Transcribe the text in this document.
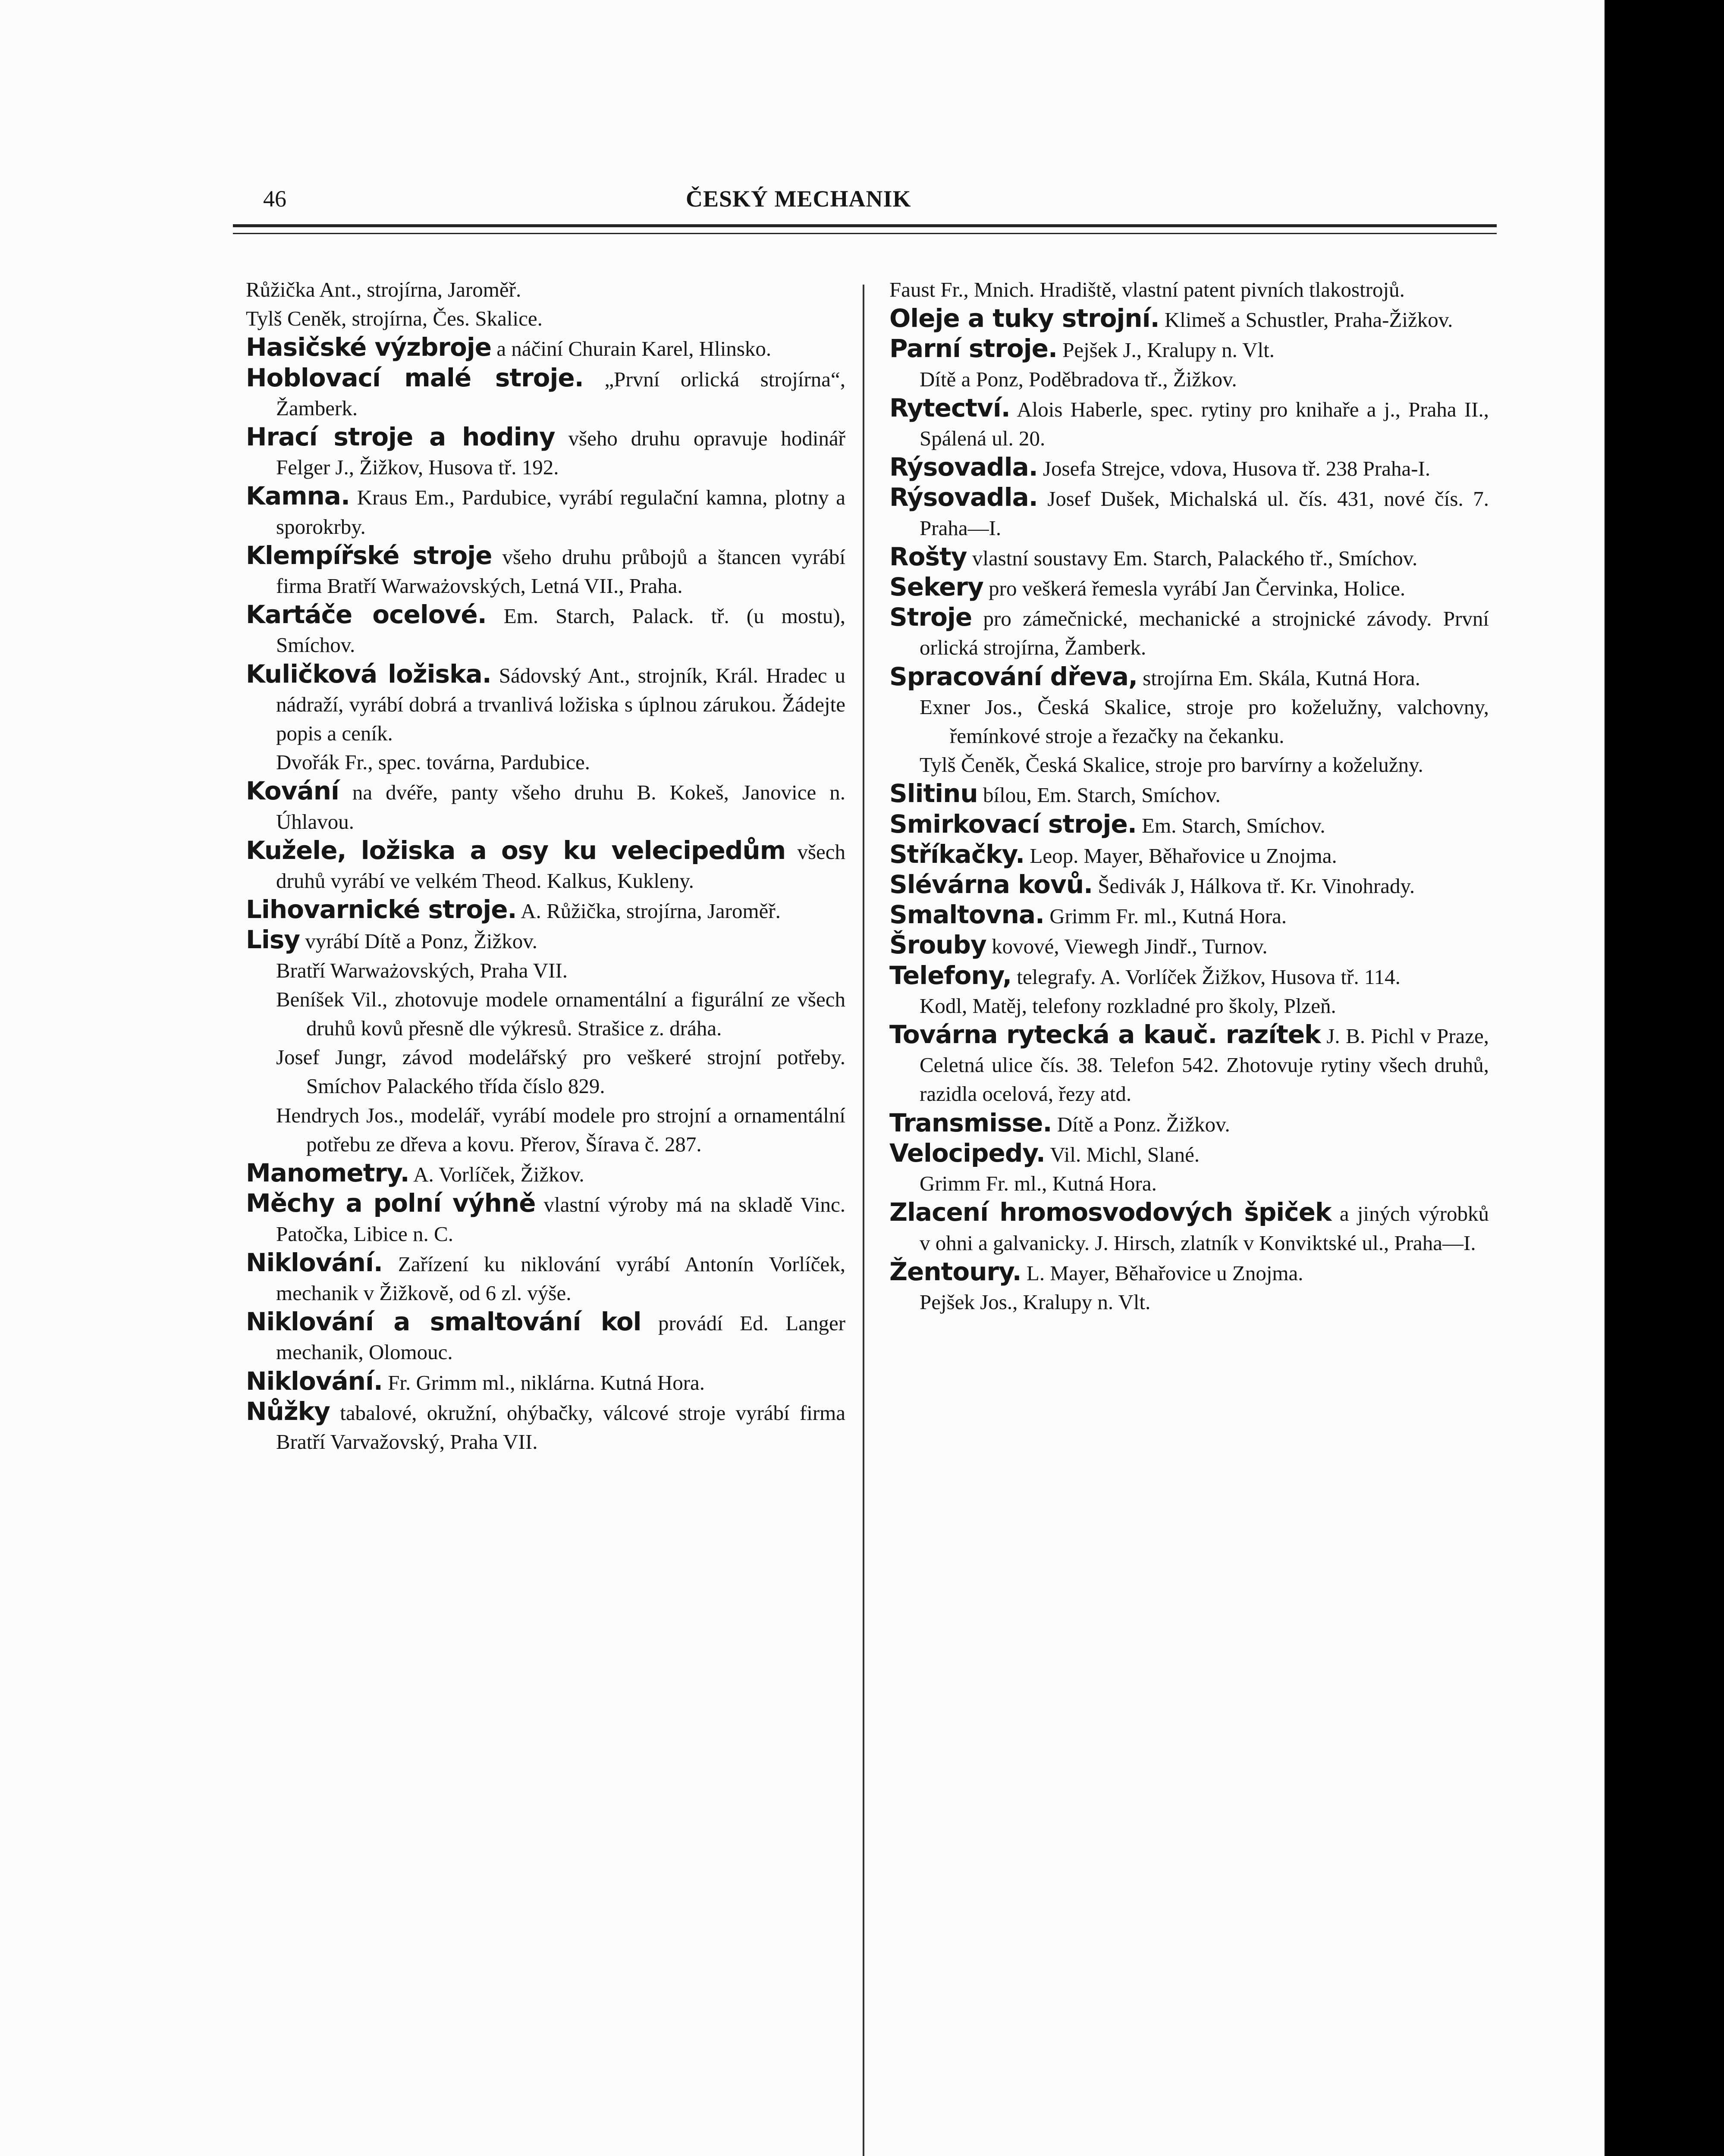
46	ČESKÝ MECHANIK
Růžička Ant., strojírna, Jaroměř.
Tylš Ceněk, strojírna, Čes. Skalice.
Hasičské výzbroje a náčiní Churain Karel, Hlinsko.
Hoblovací malé stroje. „První orlická strojírna“, Žamberk.
Hrací stroje a hodiny všeho druhu opravuje hodinář Felger J., Žižkov, Husova tř. 192.
Kamna. Kraus Em., Pardubice, vyrábí regulační kamna, plotny a sporokrby.
Klempířské stroje všeho druhu průbojů a štancen vyrábí firma Bratří Warważovských, Letná VII., Praha.
Kartáče ocelové. Em. Starch, Palack. tř. (u mostu), Smíchov.
Kuličková ložiska. Sádovský Ant., strojník, Král. Hradec u nádraží, vyrábí dobrá a trvanlivá ložiska s úplnou zárukou. Žádejte popis a ceník.
Dvořák Fr., spec. továrna, Pardubice.
Kování na dvéře, panty všeho druhu B. Kokeš, Janovice n. Úhlavou.
Kužele, ložiska a osy ku velecipedům všech druhů vyrábí ve velkém Theod. Kalkus, Kukleny.
Lihovarnické stroje. A. Růžička, strojírna, Jaroměř.
Lisy vyrábí Dítě a Ponz, Žižkov.
Bratří Warważovských, Praha VII.
Beníšek Vil., zhotovuje modele ornamentální a figurální ze všech druhů kovů přesně dle výkresů. Strašice z. dráha.
Josef Jungr, závod modelářský pro veškeré strojní potřeby. Smíchov Palackého třída číslo 829.
Hendrych Jos., modelář, vyrábí modele pro strojní a ornamentální potřebu ze dřeva a kovu. Přerov, Šírava č. 287.
Manometry. A. Vorlíček, Žižkov.
Měchy a polní výhně vlastní výroby má na skladě Vinc. Patočka, Libice n. C.
Niklování. Zařízení ku niklování vyrábí Antonín Vorlíček, mechanik v Žižkově, od 6 zl. výše.
Niklování a smaltování kol provádí Ed. Langer mechanik, Olomouc.
Niklování. Fr. Grimm ml., niklárna. Kutná Hora.
Nůžky tabalové, okružní, ohýbačky, válcové stroje vyrábí firma Bratří Varvažovský, Praha VII.
Faust Fr., Mnich. Hradiště, vlastní patent pivních tlakostrojů.
Oleje a tuky strojní. Klimeš a Schustler, Praha-Žižkov.
Parní stroje. Pejšek J., Kralupy n. Vlt.
Dítě a Ponz, Poděbradova tř., Žižkov.
Rytectví. Alois Haberle, spec. rytiny pro knihaře a j., Praha II., Spálená ul. 20.
Rýsovadla. Josefa Strejce, vdova, Husova tř. 238 Praha-I.
Rýsovadla. Josef Dušek, Michalská ul. čís. 431, nové čís. 7. Praha—I.
Rošty vlastní soustavy Em. Starch, Palackého tř., Smíchov.
Sekery pro veškerá řemesla vyrábí Jan Červinka, Holice.
Stroje pro zámečnické, mechanické a strojnické závody. První orlická strojírna, Žamberk.
Spracování dřeva, strojírna Em. Skála, Kutná Hora.
Exner Jos., Česká Skalice, stroje pro koželužny, valchovny, řemínkové stroje a řezačky na čekanku.
Tylš Čeněk, Česká Skalice, stroje pro barvírny a koželužny.
Slitinu bílou, Em. Starch, Smíchov.
Smirkovací stroje. Em. Starch, Smíchov.
Stříkačky. Leop. Mayer, Běhařovice u Znojma.
Slévárna kovů. Šedivák J, Hálkova tř. Kr. Vinohrady.
Smaltovna. Grimm Fr. ml., Kutná Hora.
Šrouby kovové, Viewegh Jindř., Turnov.
Telefony, telegrafy. A. Vorlíček Žižkov, Husova tř. 114.
Kodl, Matěj, telefony rozkladné pro školy, Plzeň.
Továrna rytecká a kauč. razítek J. B. Pichl v Praze, Celetná ulice čís. 38. Telefon 542. Zhotovuje rytiny všech druhů, razidla ocelová, řezy atd.
Transmisse. Dítě a Ponz. Žižkov.
Velocipedy. Vil. Michl, Slané.
Grimm Fr. ml., Kutná Hora.
Zlacení hromosvodových špiček a jiných výrobků v ohni a galvanicky. J. Hirsch, zlatník v Konviktské ul., Praha—I.
Žentoury. L. Mayer, Běhařovice u Znojma.
Pejšek Jos., Kralupy n. Vlt.
